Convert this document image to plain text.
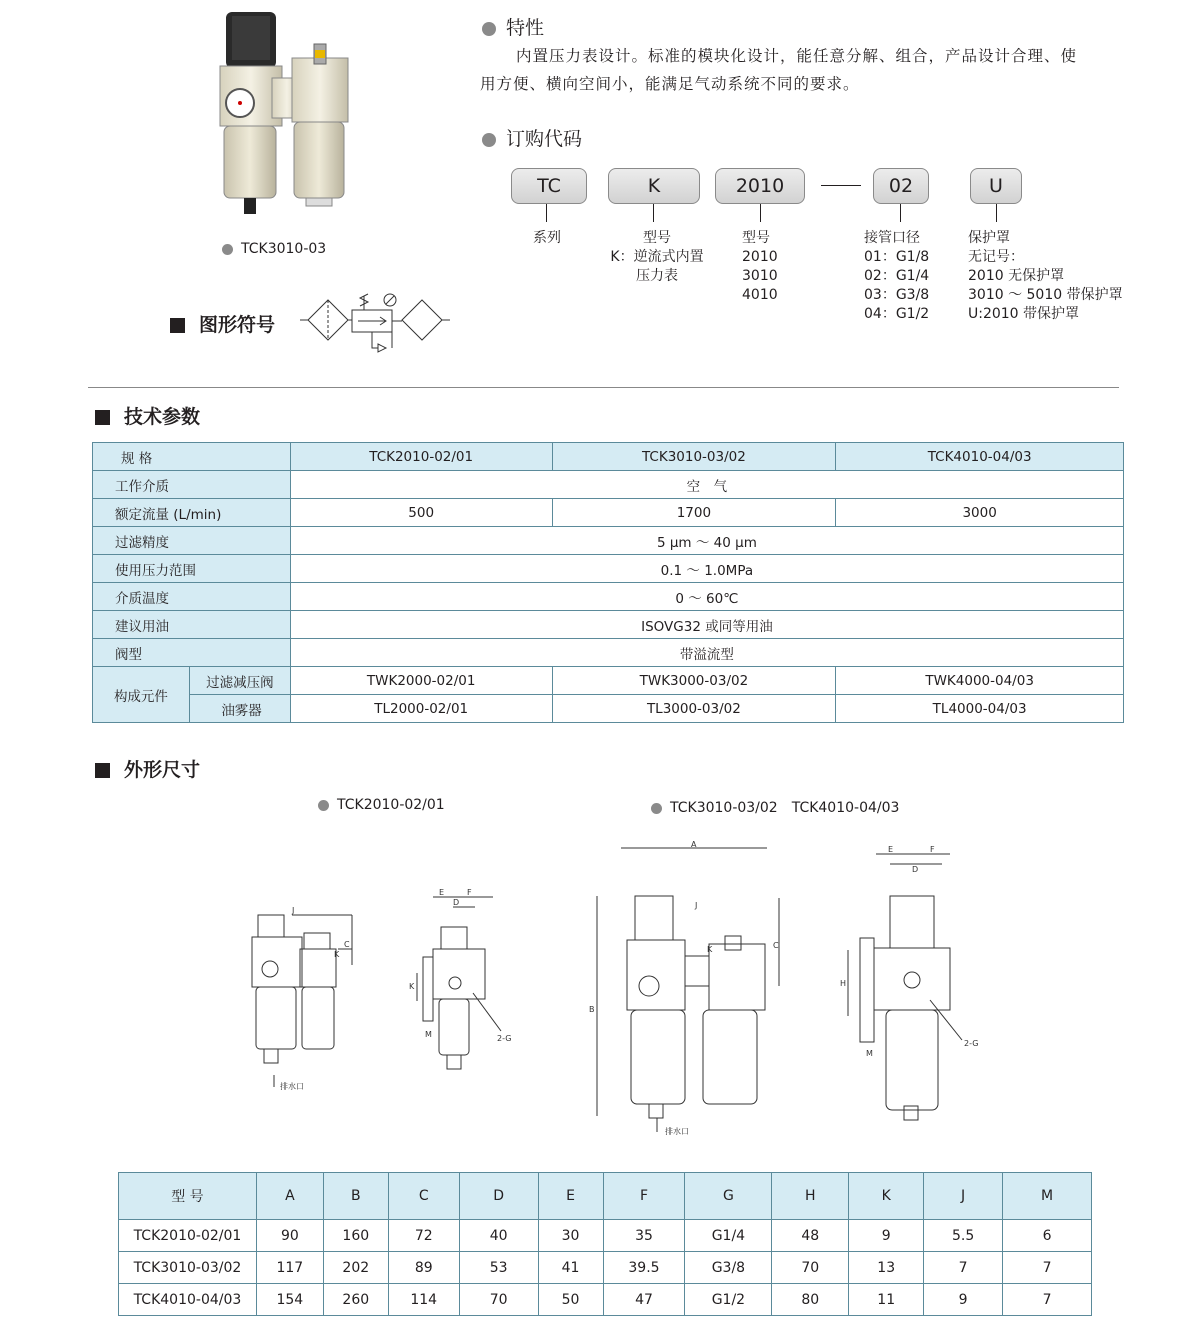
TCK3010-03
图形符号
特性
内置压力表设计。标准的模块化设计，能任意分解、组合，产品设计合理、使
用方便、横向空间小，能满足气动系统不同的要求。
订购代码
TC	K	2010	02	U
系列	型号
K：逆流式内置
压力表
型号
2010
3010
4010
接管口径
01：G1/8
02：G1/4
03：G3/8
04：G1/2
保护罩
无记号：
2010 无保护罩
3010 ～ 5010 带保护罩
U:2010 带保护罩
技术参数
规 格		TCK2010-02/01	TCK3010-03/02	TCK4010-04/03
工作介质		空　气		
额定流量 (L/min)		500	1700	3000
过滤精度		5 μm ～ 40 μm		
使用压力范围		0.1 ～ 1.0MPa		
介质温度		0 ～ 60℃		
建议用油		ISOVG32 或同等用油		
阀型		带溢流型		
构成元件	过滤减压阀	TWK2000-02/01	TWK3000-03/02	TWK4000-04/03
	油雾器	TL2000-02/01	TL3000-03/02	TL4000-04/03
外形尺寸
TCK2010-02/01	TCK3010-03/02　TCK4010-04/03
J
C
K
排水口
E	F
D
K
M	2-G
A
B
C
J
K
排水口
E	F
D
H
M
2-G
型 号	A	B	C	D	E	F	G	H	K	J	M
TCK2010-02/01	90	160	72	40	30	35	G1/4	48	9	5.5	6
TCK3010-03/02	117	202	89	53	41	39.5	G3/8	70	13	7	7
TCK4010-04/03	154	260	114	70	50	47	G1/2	80	11	9	7
